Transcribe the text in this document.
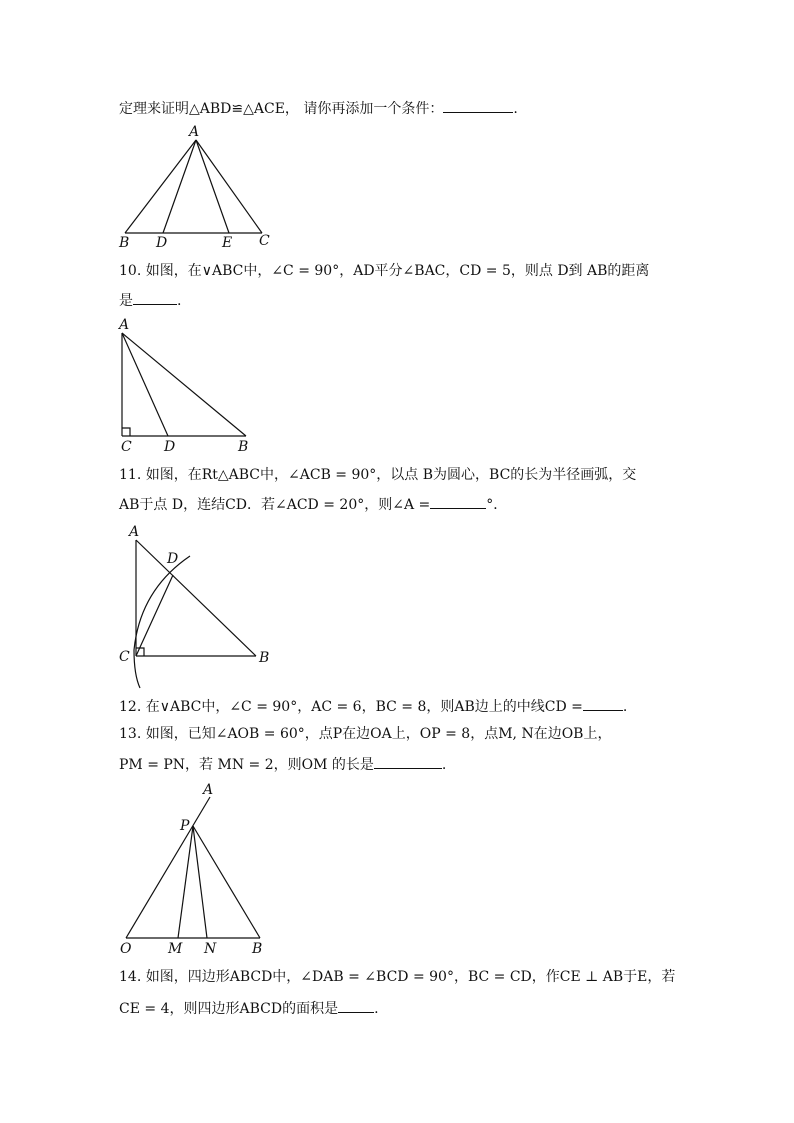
定理来证明△ABD≌△ACE， 请你再添加一个条件：	.
A
B D	E C
10. 如图，在∨ABC中，∠C = 90°，AD平分∠BAC，CD = 5，则点 D到 AB的距离
是	.
A
C D	B
11. 如图，在Rt△ABC中，∠ACB = 90°，以点 B为圆心，BC的长为半径画弧，交
AB于点 D，连结CD．若∠ACD = 20°，则∠A =	°．
A
D
C	B
12. 在∨ABC中，∠C = 90°，AC = 6，BC = 8，则AB边上的中线CD =	.
13. 如图，已知∠AOB = 60°，点P在边OA上，OP = 8，点M, N在边OB上，
PM = PN，若 MN = 2，则OM 的长是	.
A
P
O	M N	B
14. 如图，四边形ABCD中，∠DAB = ∠BCD = 90°，BC = CD，作CE ⊥ AB于E，若
CE = 4，则四边形ABCD的面积是	.
